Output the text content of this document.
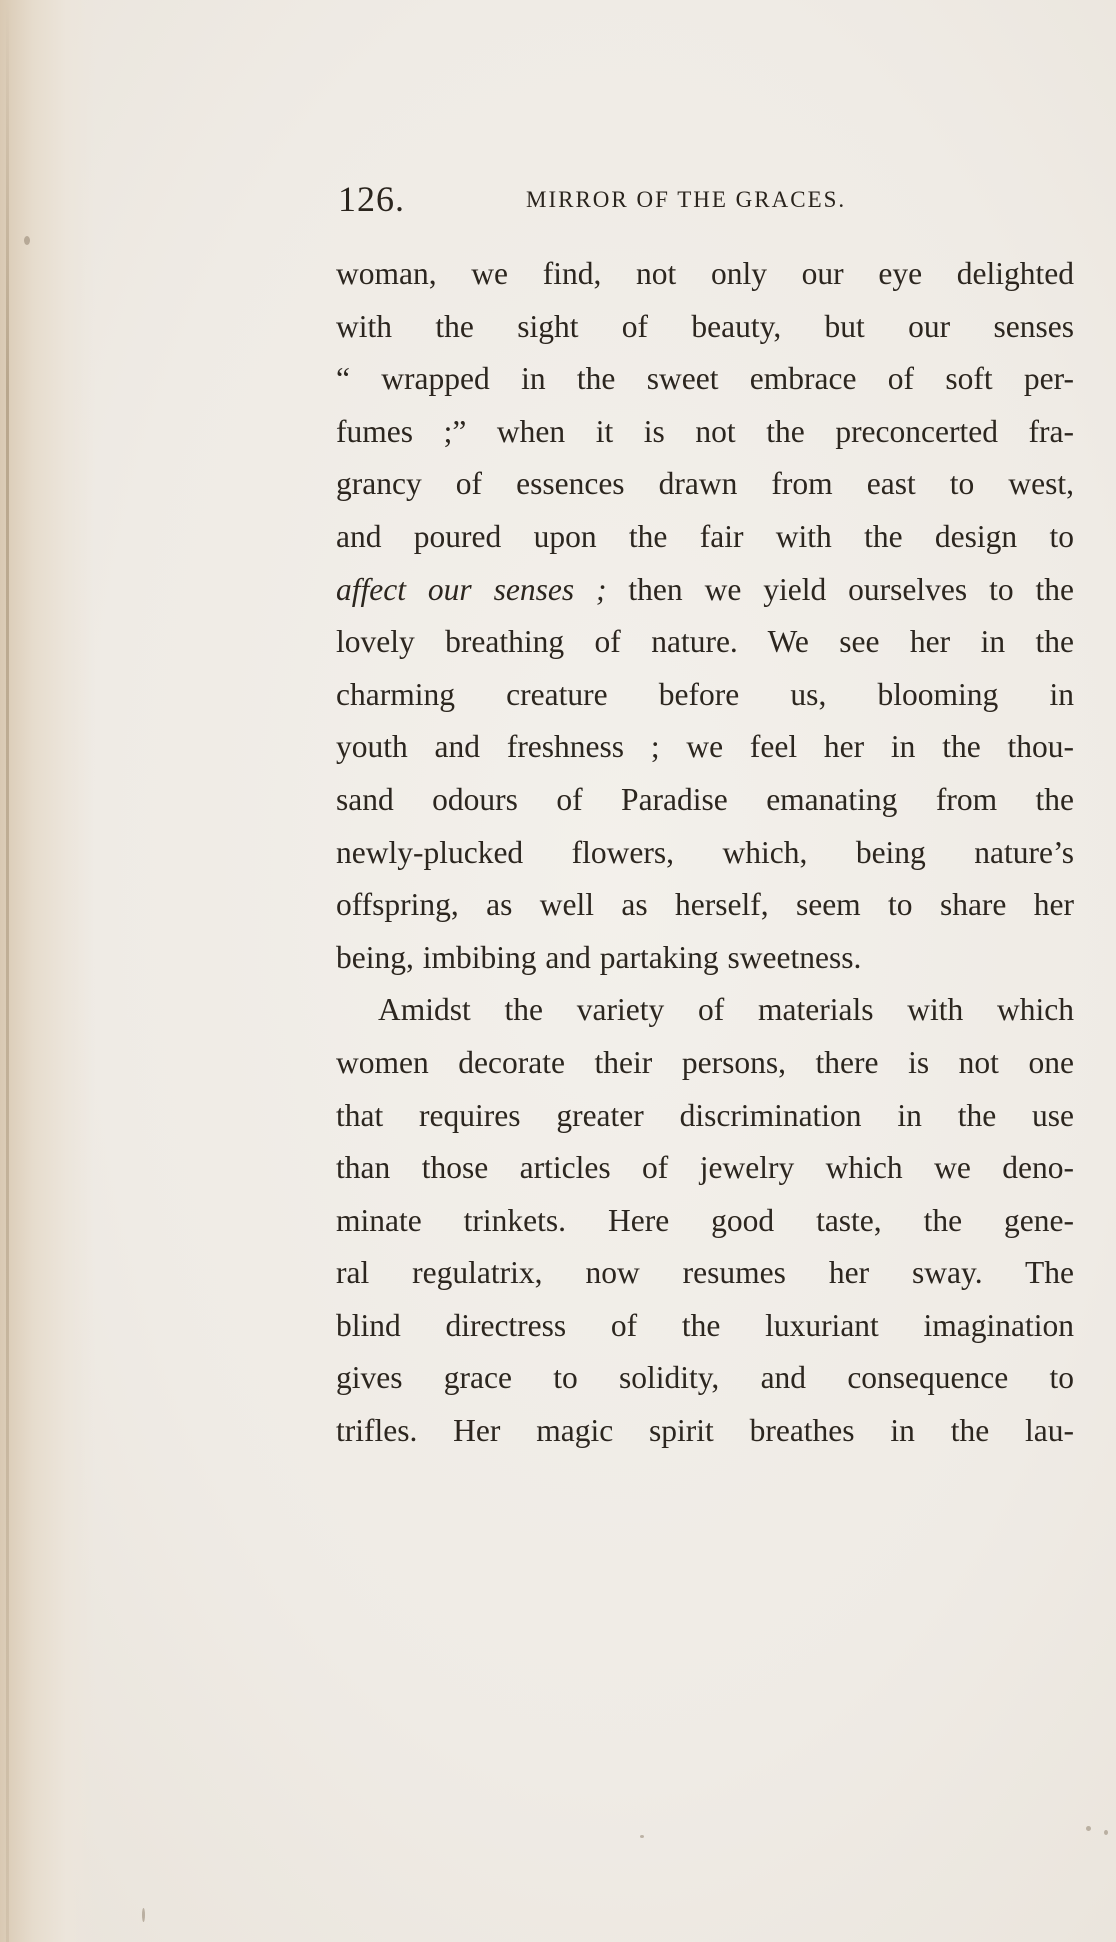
126.	MIRROR OF THE GRACES.
woman, we find, not only our eye delighted
with the sight of beauty, but our senses
“ wrapped in the sweet embrace of soft per-
fumes ;” when it is not the preconcerted fra-
grancy of essences drawn from east to west,
and poured upon the fair with the design to
affect our senses ; then we yield ourselves to the
lovely breathing of nature. We see her in the
charming creature before us, blooming in
youth and freshness ; we feel her in the thou-
sand odours of Paradise emanating from the
newly-plucked flowers, which, being nature’s
offspring, as well as herself, seem to share her
being, imbibing and partaking sweetness.
Amidst the variety of materials with which
women decorate their persons, there is not one
that requires greater discrimination in the use
than those articles of jewelry which we deno-
minate trinkets. Here good taste, the gene-
ral regulatrix, now resumes her sway. The
blind directress of the luxuriant imagination
gives grace to solidity, and consequence to
trifles. Her magic spirit breathes in the lau-
